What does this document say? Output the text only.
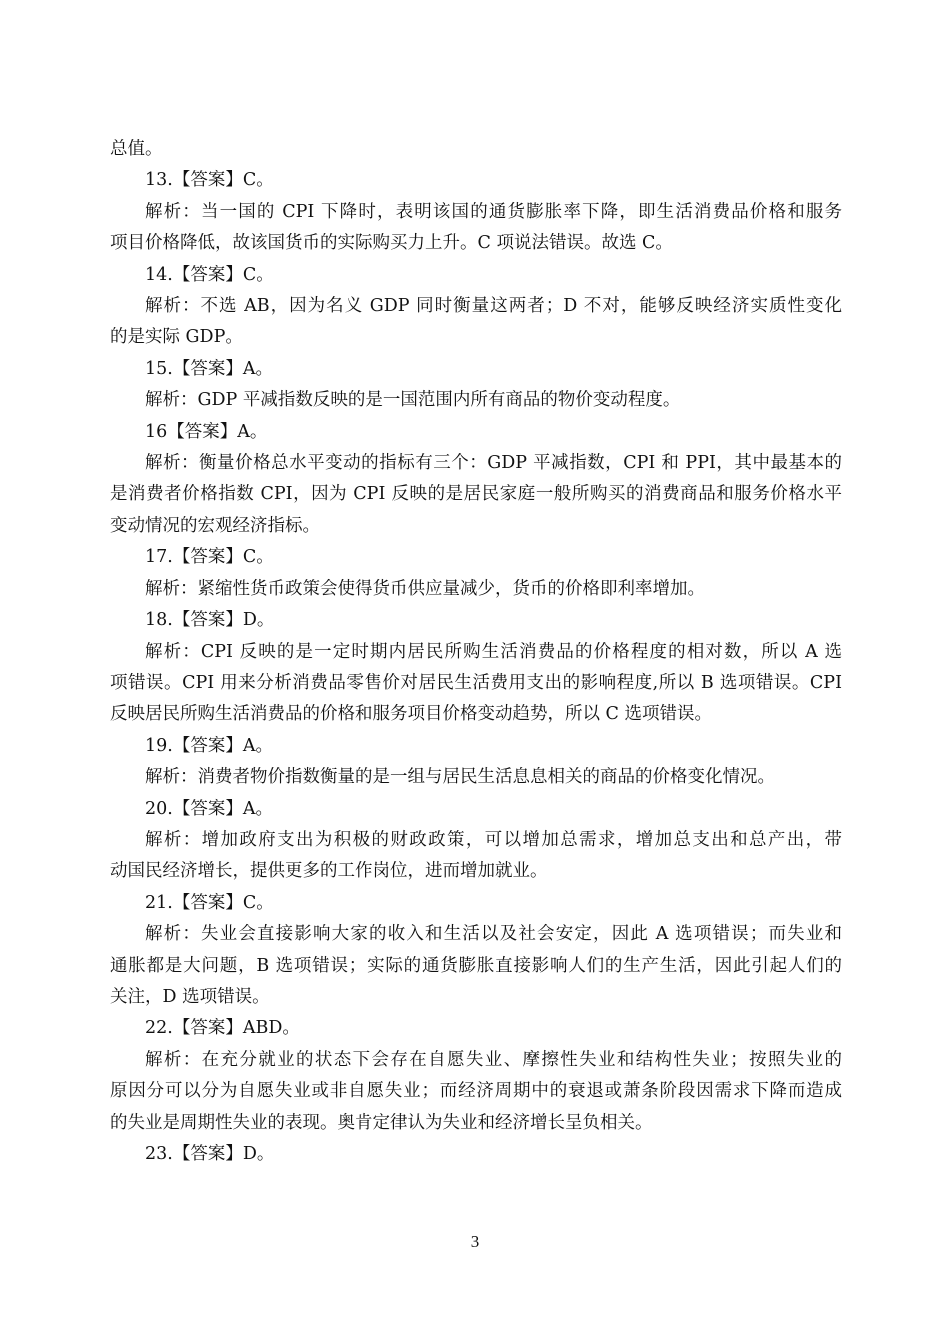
总值。

13.【答案】C。

解析：当一国的 CPI 下降时，表明该国的通货膨胀率下降，即生活消费品价格和服务

项目价格降低，故该国货币的实际购买力上升。C 项说法错误。故选 C。

14.【答案】C。

解析：不选 AB，因为名义 GDP 同时衡量这两者；D 不对，能够反映经济实质性变化

的是实际 GDP。

15.【答案】A。

解析：GDP 平减指数反映的是一国范围内所有商品的物价变动程度。

16【答案】A。

解析：衡量价格总水平变动的指标有三个：GDP 平减指数，CPI 和 PPI，其中最基本的

是消费者价格指数 CPI，因为 CPI 反映的是居民家庭一般所购买的消费商品和服务价格水平

变动情况的宏观经济指标。

17.【答案】C。

解析：紧缩性货币政策会使得货币供应量减少，货币的价格即利率增加。

18.【答案】D。

解析：CPI 反映的是一定时期内居民所购生活消费品的价格程度的相对数，所以 A 选

项错误。CPI 用来分析消费品零售价对居民生活费用支出的影响程度,所以 B 选项错误。CPI

反映居民所购生活消费品的价格和服务项目价格变动趋势，所以 C 选项错误。

19.【答案】A。

解析：消费者物价指数衡量的是一组与居民生活息息相关的商品的价格变化情况。

20.【答案】A。

解析：增加政府支出为积极的财政政策，可以增加总需求，增加总支出和总产出，带

动国民经济增长，提供更多的工作岗位，进而增加就业。

21.【答案】C。

解析：失业会直接影响大家的收入和生活以及社会安定，因此 A 选项错误；而失业和

通胀都是大问题，B 选项错误；实际的通货膨胀直接影响人们的生产生活，因此引起人们的

关注，D 选项错误。

22.【答案】ABD。

解析：在充分就业的状态下会存在自愿失业、摩擦性失业和结构性失业；按照失业的

原因分可以分为自愿失业或非自愿失业；而经济周期中的衰退或萧条阶段因需求下降而造成

的失业是周期性失业的表现。奥肯定律认为失业和经济增长呈负相关。

23.【答案】D。

3
